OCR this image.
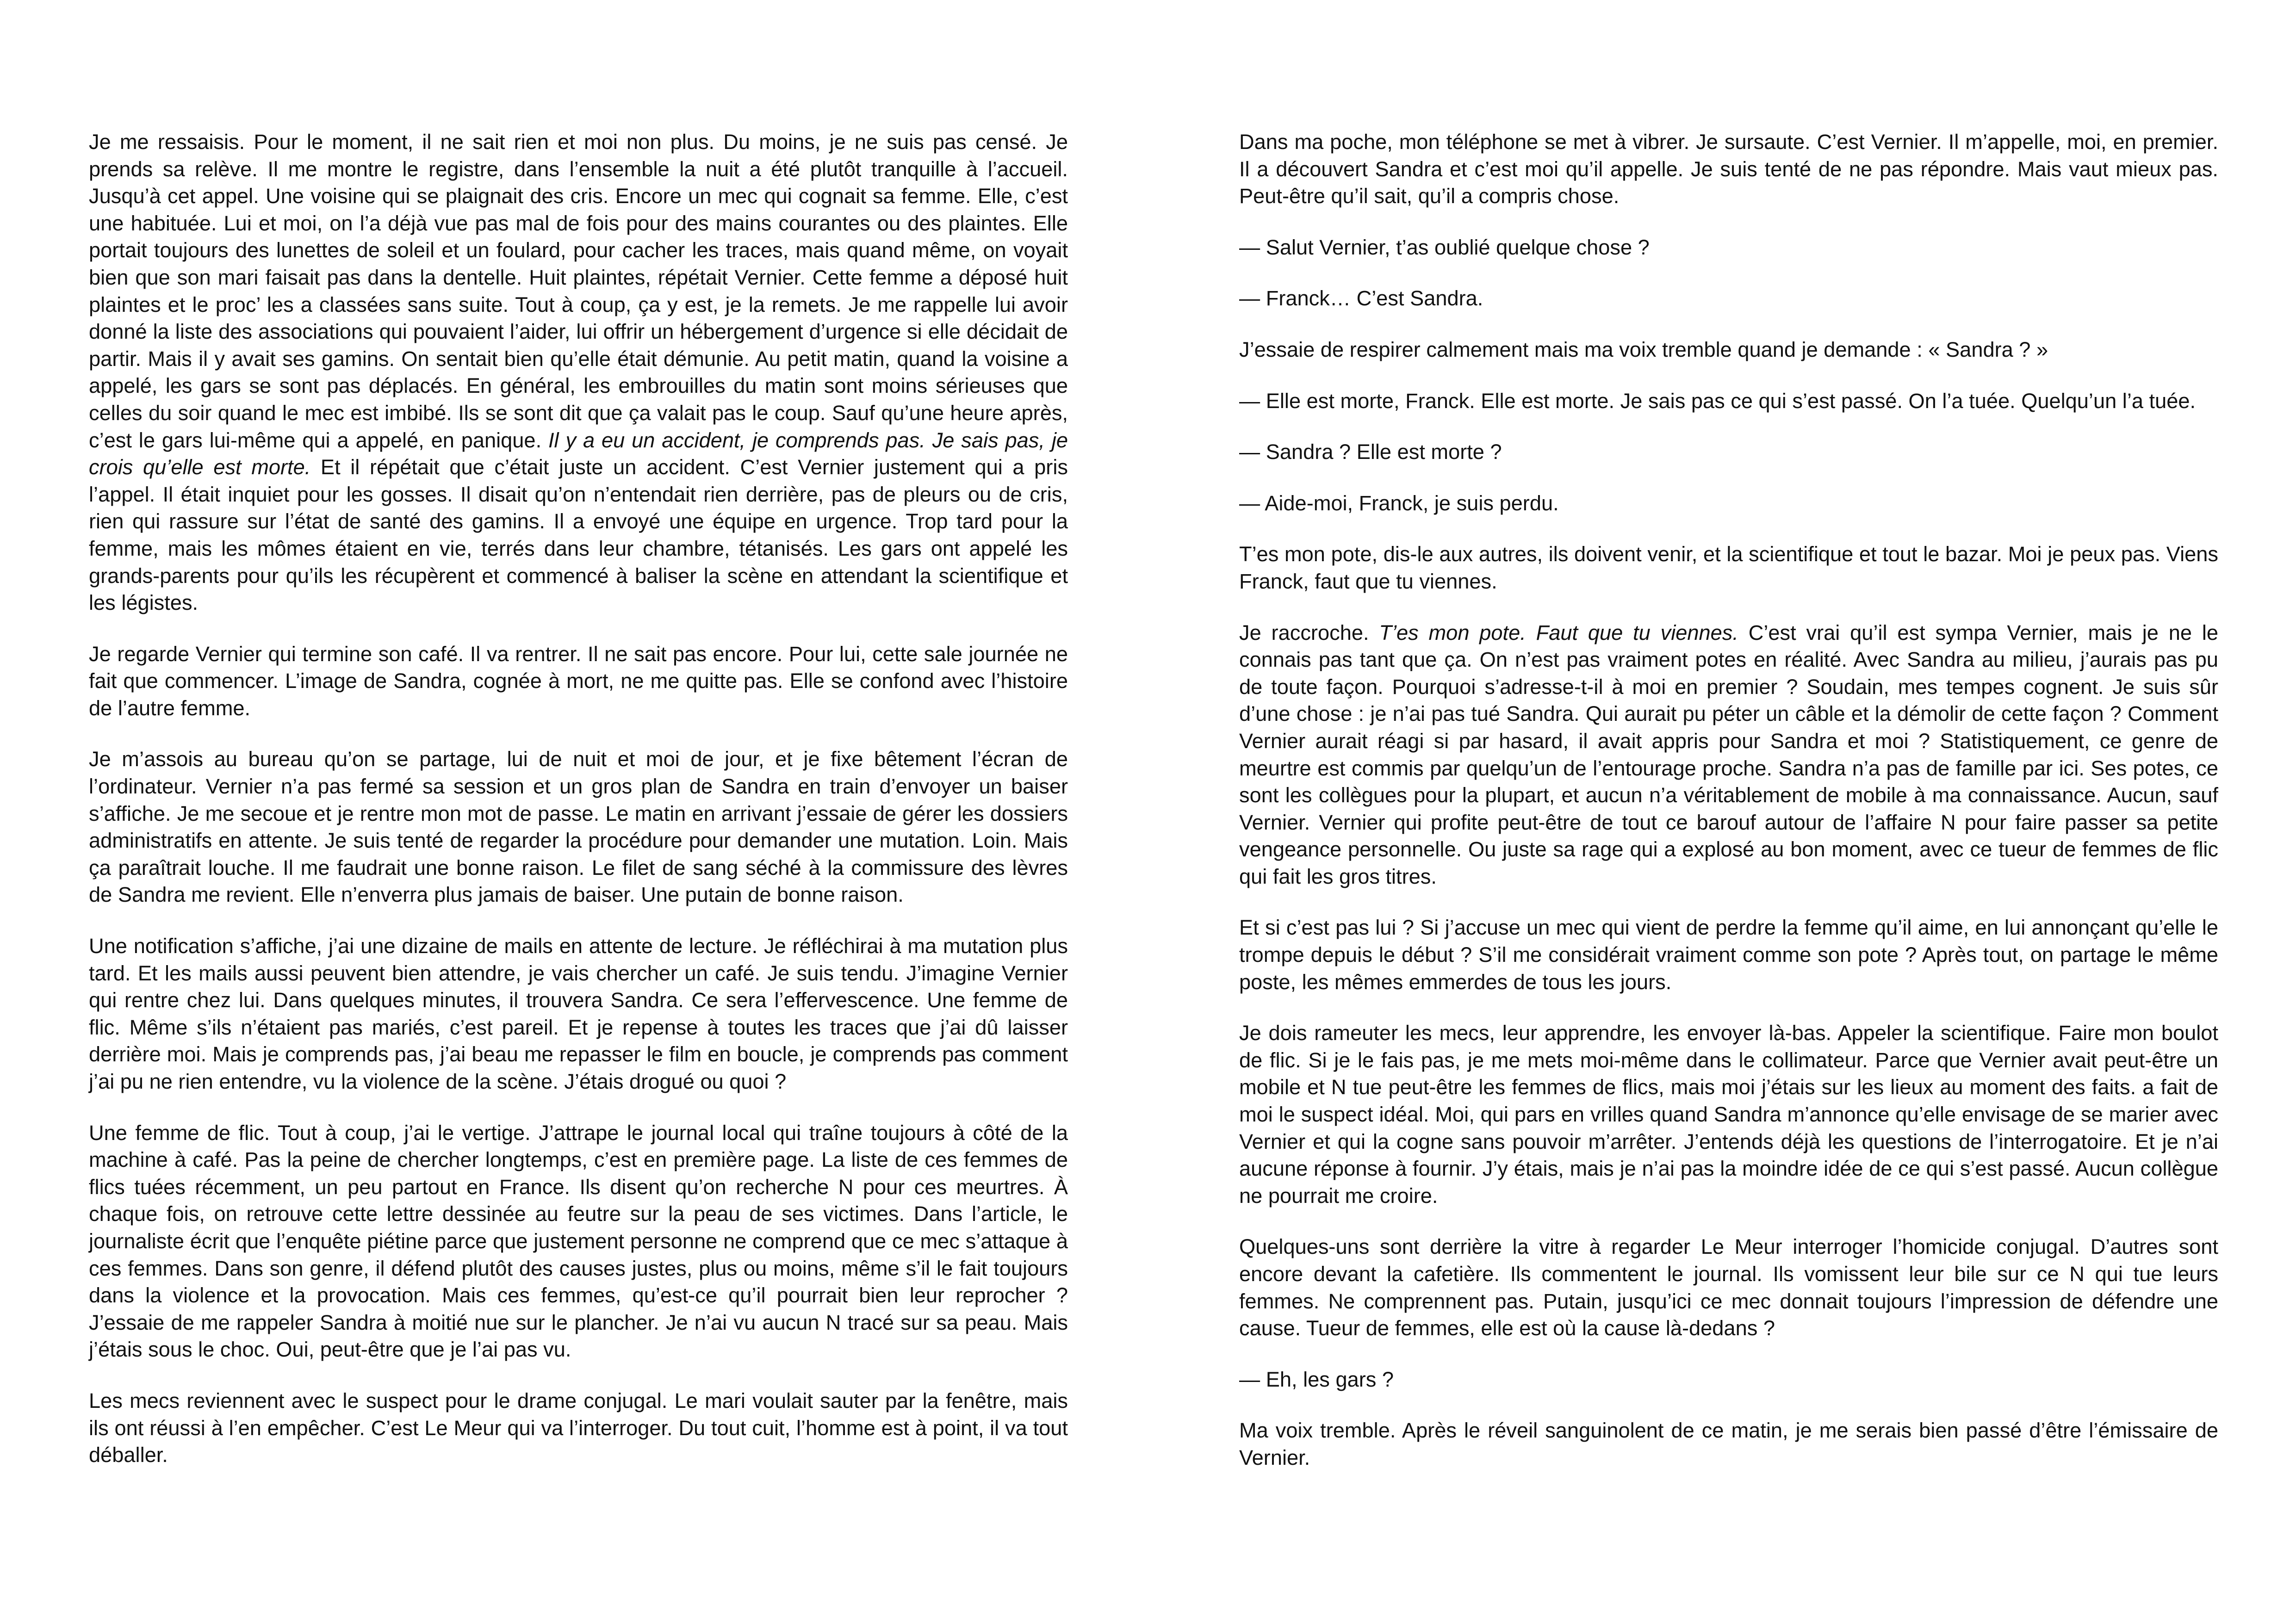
Je me ressaisis. Pour le moment, il ne sait rien et moi non plus. Du moins, je ne suis pas censé. Je prends sa relève. Il me montre le registre, dans l’ensemble la nuit a été plutôt tranquille à l’accueil. Jusqu’à cet appel. Une voisine qui se plaignait des cris. Encore un mec qui cognait sa femme. Elle, c’est une habituée. Lui et moi, on l’a déjà vue pas mal de fois pour des mains courantes ou des plaintes. Elle portait toujours des lunettes de soleil et un foulard, pour cacher les traces, mais quand même, on voyait bien que son mari faisait pas dans la dentelle. Huit plaintes, répétait Vernier. Cette femme a déposé huit plaintes et le proc’ les a classées sans suite. Tout à coup, ça y est, je la remets. Je me rappelle lui avoir donné la liste des associations qui pouvaient l’aider, lui offrir un hébergement d’urgence si elle décidait de partir. Mais il y avait ses gamins. On sentait bien qu’elle était démunie. Au petit matin, quand la voisine a appelé, les gars se sont pas déplacés. En général, les embrouilles du matin sont moins sérieuses que celles du soir quand le mec est imbibé. Ils se sont dit que ça valait pas le coup. Sauf qu’une heure après, c’est le gars lui-même qui a appelé, en panique. Il y a eu un accident, je comprends pas. Je sais pas, je crois qu’elle est morte. Et il répétait que c’était juste un accident. C’est Vernier justement qui a pris l’appel. Il était inquiet pour les gosses. Il disait qu’on n’entendait rien derrière, pas de pleurs ou de cris, rien qui rassure sur l’état de santé des gamins. Il a envoyé une équipe en urgence. Trop tard pour la femme, mais les mômes étaient en vie, terrés dans leur chambre, tétanisés. Les gars ont appelé les grands-parents pour qu’ils les récupèrent et commencé à baliser la scène en attendant la scientifique et les légistes.

Je regarde Vernier qui termine son café. Il va rentrer. Il ne sait pas encore. Pour lui, cette sale journée ne fait que commencer. L’image de Sandra, cognée à mort, ne me quitte pas. Elle se confond avec l’histoire de l’autre femme.

Je m’assois au bureau qu’on se partage, lui de nuit et moi de jour, et je fixe bêtement l’écran de l’ordinateur. Vernier n’a pas fermé sa session et un gros plan de Sandra en train d’envoyer un baiser s’affiche. Je me secoue et je rentre mon mot de passe. Le matin en arrivant j’essaie de gérer les dossiers administratifs en attente. Je suis tenté de regarder la procédure pour demander une mutation. Loin. Mais ça paraîtrait louche. Il me faudrait une bonne raison. Le filet de sang séché à la commissure des lèvres de Sandra me revient. Elle n’enverra plus jamais de baiser. Une putain de bonne raison.

Une notification s’affiche, j’ai une dizaine de mails en attente de lecture. Je réfléchirai à ma mutation plus tard. Et les mails aussi peuvent bien attendre, je vais chercher un café. Je suis tendu. J’imagine Vernier qui rentre chez lui. Dans quelques minutes, il trouvera Sandra. Ce sera l’effervescence. Une femme de flic. Même s’ils n’étaient pas mariés, c’est pareil. Et je repense à toutes les traces que j’ai dû laisser derrière moi. Mais je comprends pas, j’ai beau me repasser le film en boucle, je comprends pas comment j’ai pu ne rien entendre, vu la violence de la scène. J’étais drogué ou quoi ?

Une femme de flic. Tout à coup, j’ai le vertige. J’attrape le journal local qui traîne toujours à côté de la machine à café. Pas la peine de chercher longtemps, c’est en première page. La liste de ces femmes de flics tuées récemment, un peu partout en France. Ils disent qu’on recherche N pour ces meurtres. À chaque fois, on retrouve cette lettre dessinée au feutre sur la peau de ses victimes. Dans l’article, le journaliste écrit que l’enquête piétine parce que justement personne ne comprend que ce mec s’attaque à ces femmes. Dans son genre, il défend plutôt des causes justes, plus ou moins, même s’il le fait toujours dans la violence et la provocation. Mais ces femmes, qu’est-ce qu’il pourrait bien leur reprocher ? J’essaie de me rappeler Sandra à moitié nue sur le plancher. Je n’ai vu aucun N tracé sur sa peau. Mais j’étais sous le choc. Oui, peut-être que je l’ai pas vu.

Les mecs reviennent avec le suspect pour le drame conjugal. Le mari voulait sauter par la fenêtre, mais ils ont réussi à l’en empêcher. C’est Le Meur qui va l’interroger. Du tout cuit, l’homme est à point, il va tout déballer.

Dans ma poche, mon téléphone se met à vibrer. Je sursaute. C’est Vernier. Il m’appelle, moi, en premier. Il a découvert Sandra et c’est moi qu’il appelle. Je suis tenté de ne pas répondre. Mais vaut mieux pas. Peut-être qu’il sait, qu’il a compris chose.

— Salut Vernier, t’as oublié quelque chose ?

— Franck… C’est Sandra.

J’essaie de respirer calmement mais ma voix tremble quand je demande : « Sandra ? »

— Elle est morte, Franck. Elle est morte. Je sais pas ce qui s’est passé. On l’a tuée. Quelqu’un l’a tuée.

— Sandra ? Elle est morte ?

— Aide-moi, Franck, je suis perdu.

T’es mon pote, dis-le aux autres, ils doivent venir, et la scientifique et tout le bazar. Moi je peux pas. Viens Franck, faut que tu viennes.

Je raccroche. T’es mon pote. Faut que tu viennes. C’est vrai qu’il est sympa Vernier, mais je ne le connais pas tant que ça. On n’est pas vraiment potes en réalité. Avec Sandra au milieu, j’aurais pas pu de toute façon. Pourquoi s’adresse-t-il à moi en premier ? Soudain, mes tempes cognent. Je suis sûr d’une chose : je n’ai pas tué Sandra. Qui aurait pu péter un câble et la démolir de cette façon ? Comment Vernier aurait réagi si par hasard, il avait appris pour Sandra et moi ? Statistiquement, ce genre de meurtre est commis par quelqu’un de l’entourage proche. Sandra n’a pas de famille par ici. Ses potes, ce sont les collègues pour la plupart, et aucun n’a véritablement de mobile à ma connaissance. Aucun, sauf Vernier. Vernier qui profite peut-être de tout ce barouf autour de l’affaire N pour faire passer sa petite vengeance personnelle. Ou juste sa rage qui a explosé au bon moment, avec ce tueur de femmes de flic qui fait les gros titres.

Et si c’est pas lui ? Si j’accuse un mec qui vient de perdre la femme qu’il aime, en lui annonçant qu’elle le trompe depuis le début ? S’il me considérait vraiment comme son pote ? Après tout, on partage le même poste, les mêmes emmerdes de tous les jours.

Je dois rameuter les mecs, leur apprendre, les envoyer là-bas. Appeler la scientifique. Faire mon boulot de flic. Si je le fais pas, je me mets moi-même dans le collimateur. Parce que Vernier avait peut-être un mobile et N tue peut-être les femmes de flics, mais moi j’étais sur les lieux au moment des faits. a fait de moi le suspect idéal. Moi, qui pars en vrilles quand Sandra m’annonce qu’elle envisage de se marier avec Vernier et qui la cogne sans pouvoir m’arrêter. J’entends déjà les questions de l’interrogatoire. Et je n’ai aucune réponse à fournir. J’y étais, mais je n’ai pas la moindre idée de ce qui s’est passé. Aucun collègue ne pourrait me croire.

Quelques-uns sont derrière la vitre à regarder Le Meur interroger l’homicide conjugal. D’autres sont encore devant la cafetière. Ils commentent le journal. Ils vomissent leur bile sur ce N qui tue leurs femmes. Ne comprennent pas. Putain, jusqu’ici ce mec donnait toujours l’impression de défendre une cause. Tueur de femmes, elle est où la cause là-dedans ?

— Eh, les gars ?

Ma voix tremble. Après le réveil sanguinolent de ce matin, je me serais bien passé d’être l’émissaire de Vernier.
